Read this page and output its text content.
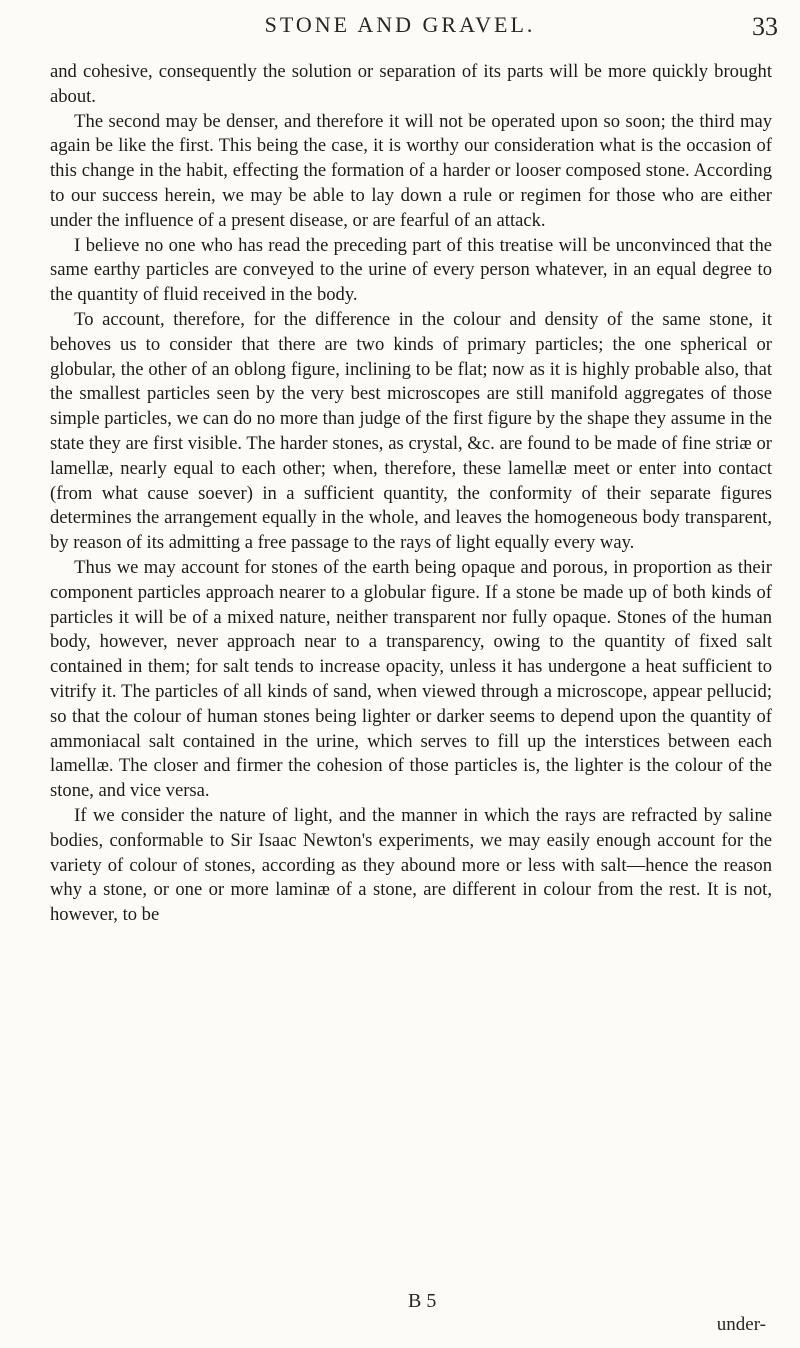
STONE AND GRAVEL.	33

and cohesive, consequently the solution or separation of its parts will be more quickly brought about.

The second may be denser, and therefore it will not be operated upon so soon; the third may again be like the first. This being the case, it is worthy our consideration what is the occasion of this change in the habit, effecting the formation of a harder or looser composed stone. According to our success herein, we may be able to lay down a rule or regimen for those who are either under the influence of a present disease, or are fearful of an attack.

I believe no one who has read the preceding part of this treatise will be unconvinced that the same earthy particles are conveyed to the urine of every person whatever, in an equal degree to the quantity of fluid received in the body.

To account, therefore, for the difference in the colour and density of the same stone, it behoves us to consider that there are two kinds of primary particles; the one spherical or globular, the other of an oblong figure, inclining to be flat; now as it is highly probable also, that the smallest particles seen by the very best microscopes are still manifold aggregates of those simple particles, we can do no more than judge of the first figure by the shape they assume in the state they are first visible. The harder stones, as crystal, &c. are found to be made of fine striæ or lamellæ, nearly equal to each other; when, therefore, these lamellæ meet or enter into contact (from what cause soever) in a sufficient quantity, the conformity of their separate figures determines the arrangement equally in the whole, and leaves the homogeneous body transparent, by reason of its admitting a free passage to the rays of light equally every way.

Thus we may account for stones of the earth being opaque and porous, in proportion as their component particles approach nearer to a globular figure. If a stone be made up of both kinds of particles it will be of a mixed nature, neither transparent nor fully opaque. Stones of the human body, however, never approach near to a transparency, owing to the quantity of fixed salt contained in them; for salt tends to increase opacity, unless it has undergone a heat sufficient to vitrify it. The particles of all kinds of sand, when viewed through a microscope, appear pellucid; so that the colour of human stones being lighter or darker seems to depend upon the quantity of ammoniacal salt contained in the urine, which serves to fill up the interstices between each lamellæ. The closer and firmer the cohesion of those particles is, the lighter is the colour of the stone, and vice versa.

If we consider the nature of light, and the manner in which the rays are refracted by saline bodies, conformable to Sir Isaac Newton's experiments, we may easily enough account for the variety of colour of stones, according as they abound more or less with salt—hence the reason why a stone, or one or more laminæ of a stone, are different in colour from the rest. It is not, however, to be

B 5
under-
